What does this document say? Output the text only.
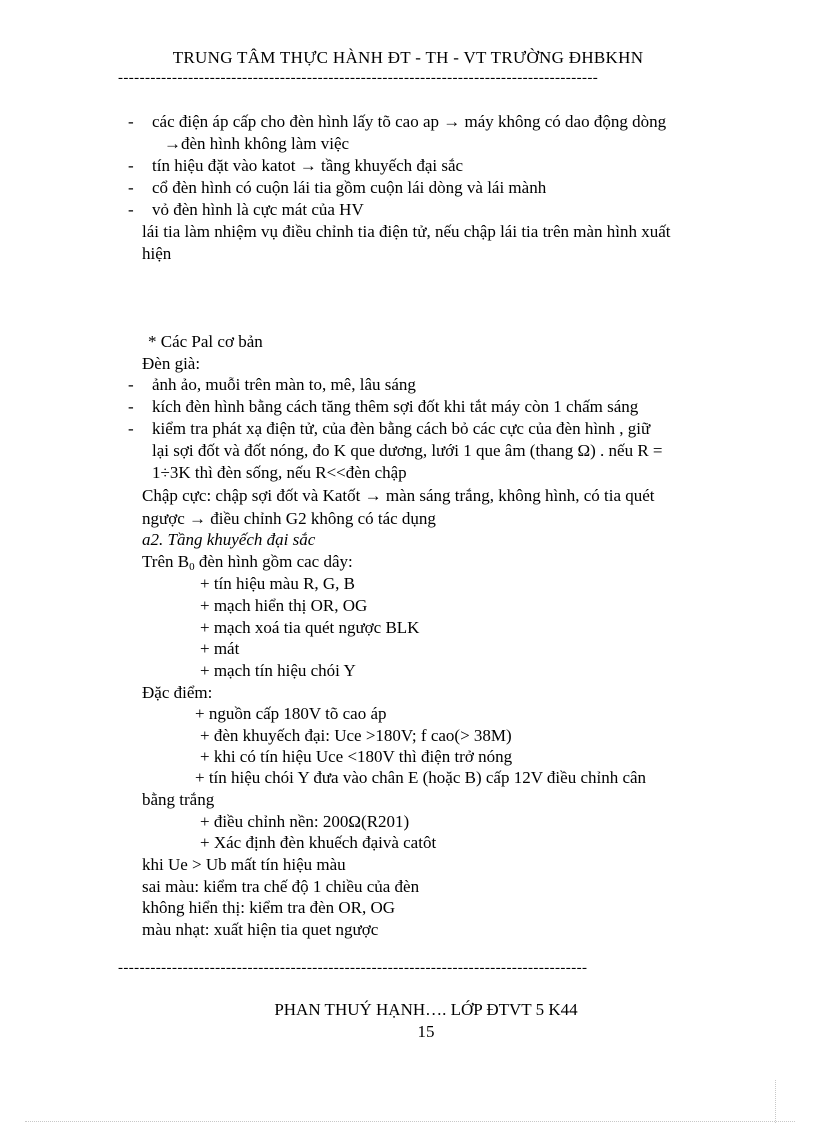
TRUNG TÂM THỰC HÀNH ĐT - TH - VT TRƯỜNG ĐHBKHN
-----------------------------------------------------------------------------------------
- các điện áp cấp cho đèn hình lấy tõ cao ap → máy không có dao động dòng
→đèn hình không làm việc
- tín hiệu đặt vào katot → tầng khuyếch đại sắc
- cổ đèn hình có cuộn lái tia gồm cuộn lái dòng và lái mành
- vỏ đèn hình là cực mát của HV
lái tia làm nhiệm vụ điều chỉnh tia điện tử, nếu chập lái tia trên màn hình xuất
hiện
* Các Pal cơ bản
Đèn già:
- ảnh ảo, muỗi trên màn to, mê, lâu sáng
- kích đèn hình bằng cách tăng thêm sợi đốt khi tắt máy còn 1 chấm sáng
- kiểm tra phát xạ điện tử, của đèn bằng cách bỏ các cực của đèn hình , giữ
lại sợi đốt và đốt nóng, đo K que dương, lưới 1 que âm (thang Ω) . nếu R =
1÷3K thì đèn sống, nếu R<<đèn chập
Chập cực: chập sợi đốt và Katốt → màn sáng trắng, không hình, có tia quét
ngược → điều chỉnh G2 không có tác dụng
a2. Tầng khuyếch đại sắc
Trên $B_0$ đèn hình gồm cac dây:
+ tín hiệu màu R, G, B
+ mạch hiển thị OR, OG
+ mạch xoá tia quét ngược BLK
+ mát
+ mạch tín hiệu chói Y
Đặc điểm:
+ nguồn cấp 180V tõ cao áp
+ đèn khuyếch đại: Uce >180V; f cao(> 38M)
+ khi có tín hiệu Uce <180V thì điện trở nóng
+ tín hiệu chói Y đưa vào chân E (hoặc B) cấp 12V điều chỉnh cân
bằng trắng
+ điều chỉnh nền: 200Ω(R201)
+ Xác định đèn khuếch đạivà catôt
khi Ue > Ub mất tín hiệu màu
sai màu: kiểm tra chế độ 1 chiều của đèn
không hiển thị: kiểm tra đèn OR, OG
màu nhạt: xuất hiện tia quet ngược
---------------------------------------------------------------------------------------
PHAN THUÝ HẠNH…. LỚP ĐTVT 5 K44
15
